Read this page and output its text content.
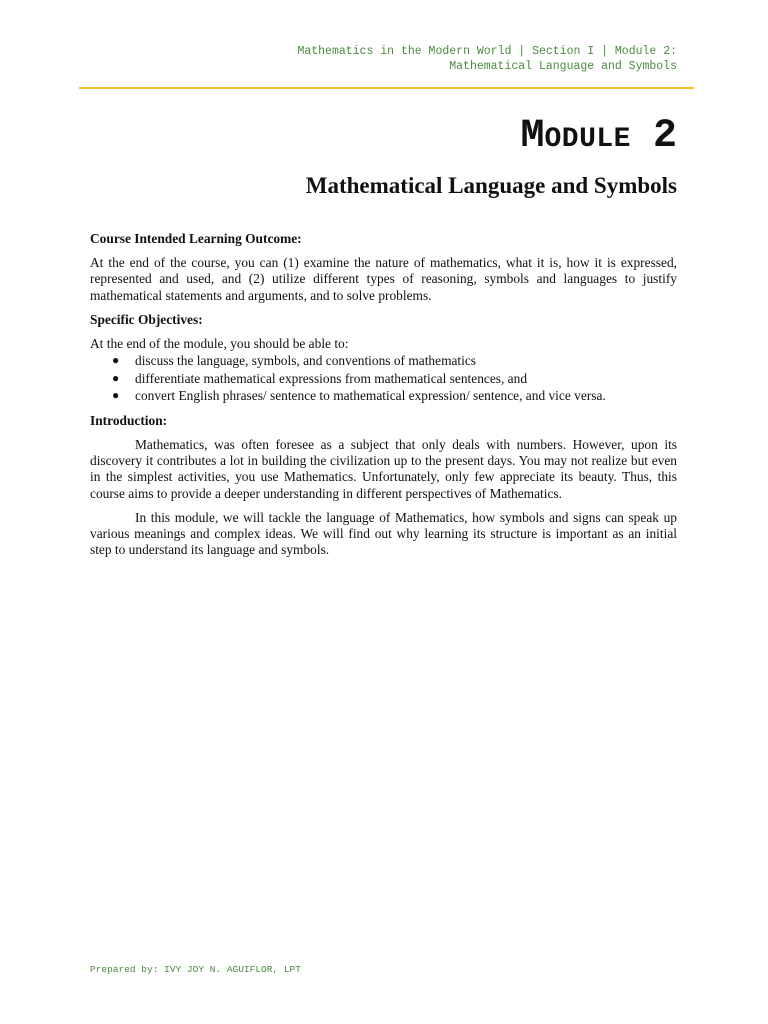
Mathematics in the Modern World | Section I | Module 2:
Mathematical Language and Symbols
MODULE 2
Mathematical Language and Symbols
Course Intended Learning Outcome:

At the end of the course, you can (1) examine the nature of mathematics, what it is, how it is expressed, represented and used, and (2) utilize different types of reasoning, symbols and languages to justify mathematical statements and arguments, and to solve problems.

Specific Objectives:

At the end of the module, you should be able to:

● discuss the language, symbols, and conventions of mathematics
● differentiate mathematical expressions from mathematical sentences, and
● convert English phrases/ sentence to mathematical expression/ sentence, and vice versa.
Introduction:

Mathematics, was often foresee as a subject that only deals with numbers. However, upon its discovery it contributes a lot in building the civilization up to the present days. You may not realize but even in the simplest activities, you use Mathematics. Unfortunately, only few appreciate its beauty. Thus, this course aims to provide a deeper understanding in different perspectives of Mathematics.

In this module, we will tackle the language of Mathematics, how symbols and signs can speak up various meanings and complex ideas. We will find out why learning its structure is important as an initial step to understand its language and symbols.

Prepared by: IVY JOY N. AGUIFLOR, LPT
